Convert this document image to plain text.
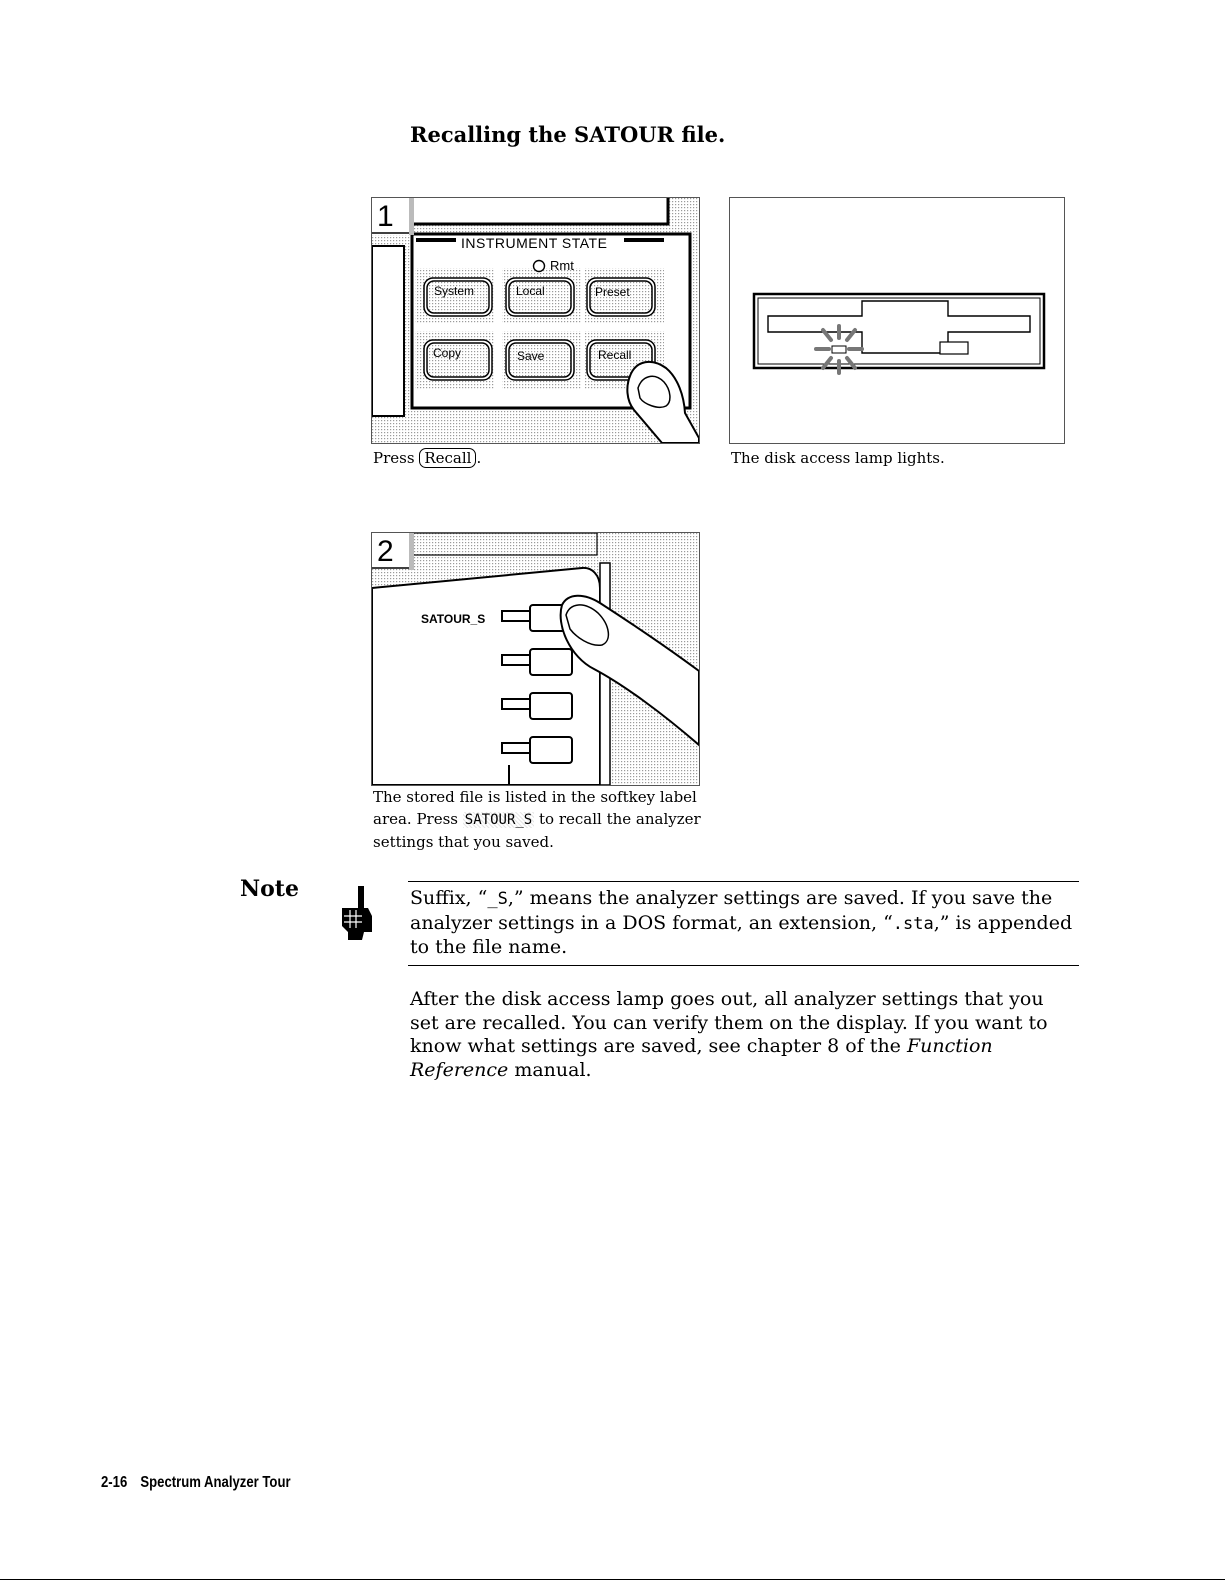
Recalling the SATOUR file.
INSTRUMENT STATE
Rmt
System	Local	Preset
Copy	Save	Recall
1
Press Recall .	The disk access lamp lights.
SATOUR_S
2
The stored file is listed in the softkey label
area. Press SATOUR_S to recall the analyzer
settings that you saved.
Note	Suffix, “_S,” means the analyzer settings are saved. If you save the analyzer settings in a DOS format, an extension, “.sta,” is appended to the file name.
After the disk access lamp goes out, all analyzer settings that you set are recalled. You can verify them on the display. If you want to know what settings are saved, see chapter 8 of the Function Reference manual.
2-16 Spectrum Analyzer Tour
